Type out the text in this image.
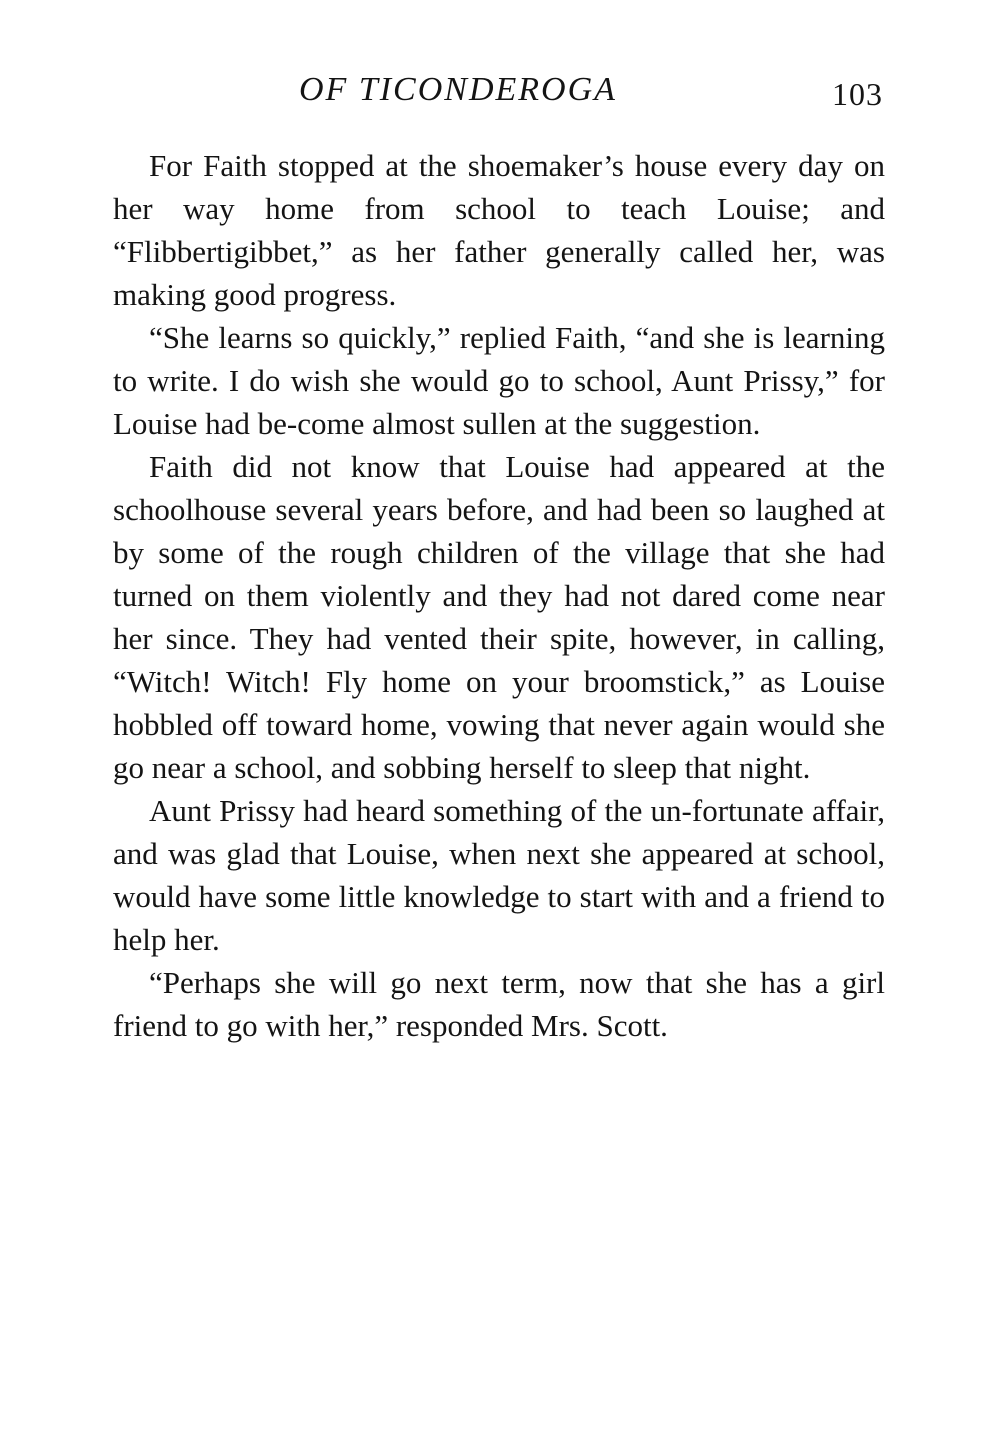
OF TICONDEROGA	103

For Faith stopped at the shoemaker’s house every day on her way home from school to teach Louise; and “Flibbertigibbet,” as her father generally called her, was making good progress.

“She learns so quickly,” replied Faith, “and she is learning to write. I do wish she would go to school, Aunt Prissy,” for Louise had be-come almost sullen at the suggestion.

Faith did not know that Louise had appeared at the schoolhouse several years before, and had been so laughed at by some of the rough children of the village that she had turned on them violently and they had not dared come near her since. They had vented their spite, however, in calling, “Witch! Witch! Fly home on your broomstick,” as Louise hobbled off toward home, vowing that never again would she go near a school, and sobbing herself to sleep that night.

Aunt Prissy had heard something of the un-fortunate affair, and was glad that Louise, when next she appeared at school, would have some little knowledge to start with and a friend to help her.

“Perhaps she will go next term, now that she has a girl friend to go with her,” responded Mrs. Scott.
